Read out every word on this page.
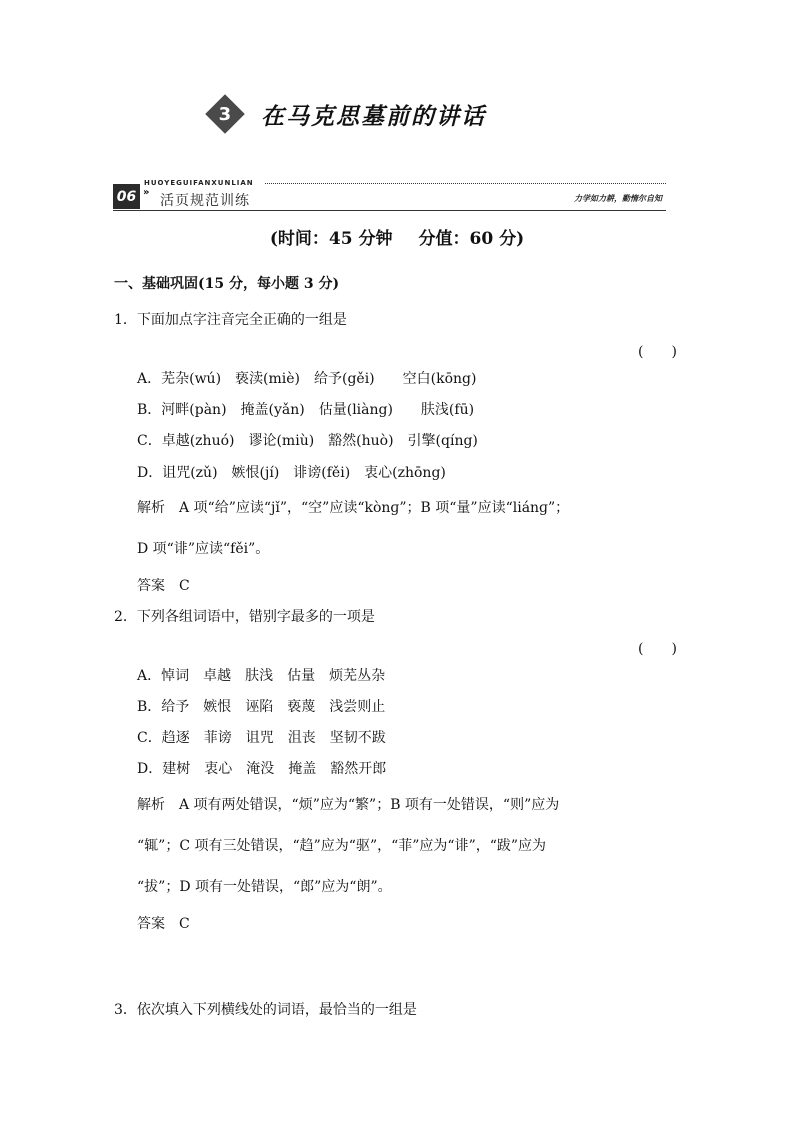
3 在马克思墓前的讲话
06 »
HUOYEGUIFANXUNLIAN
活页规范训练	力学如力耕，勤惰尔自知
(时间：45 分钟 分值：60 分)
一、基础巩固(15 分，每小题 3 分)
1．下面加点字注音完全正确的一组是
(　　)
A．芜杂(wú)　亵渎(miè)　给予(gěi)　　空白(kōng)
B．河畔(pàn)　掩盖(yǎn)　估量(liàng)　　肤浅(fū)
C．卓越(zhuó)　谬论(miù)　豁然(huò)　引擎(qíng)
D．诅咒(zǔ)　嫉恨(jí)　诽谤(fěi)　衷心(zhōng)
解析　A 项“给”应读“jǐ”，“空”应读“kònɡ”；B 项“量”应读“liánɡ”；
D 项“诽”应读“fěi”。
答案　C
2．下列各组词语中，错别字最多的一项是
(　　)
A．悼词　卓越　肤浅　估量　烦芜丛杂
B．给予　嫉恨　诬陷　亵蔑　浅尝则止
C．趋逐　菲谤　诅咒　沮丧　坚韧不跋
D．建树　衷心　淹没　掩盖　豁然开郎
解析　A 项有两处错误，“烦”应为“繁”；B 项有一处错误，“则”应为
“辄”；C 项有三处错误，“趋”应为“驱”，“菲”应为“诽”，“跋”应为
“拔”；D 项有一处错误，“郎”应为“朗”。
答案　C
3．依次填入下列横线处的词语，最恰当的一组是
